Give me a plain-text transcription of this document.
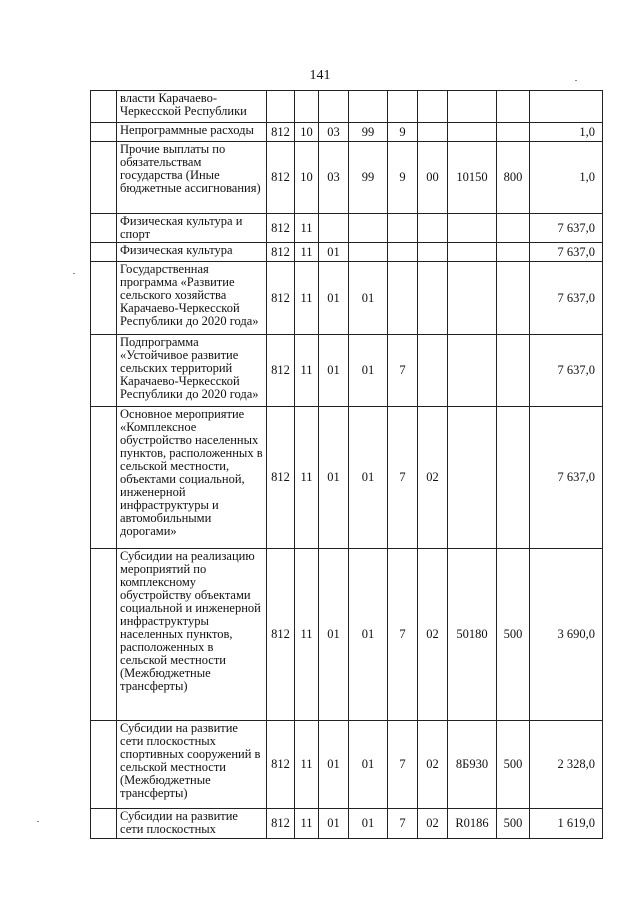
141
	власти Карачаево-Черкесской Республики									
	Непрограммные расходы	812	10	03	99	9				1,0
	Прочие выплаты по обязательствам государства (Иные бюджетные ассигнования)	812	10	03	99	9	00	10150	800	1,0
	Физическая культура и спорт	812	11							7 637,0
	Физическая культура	812	11	01						7 637,0
	Государственная программа «Развитие сельского хозяйства Карачаево-Черкесской Республики до 2020 года»	812	11	01	01					7 637,0
	Подпрограмма «Устойчивое развитие сельских территорий Карачаево-Черкесской Республики до 2020 года»	812	11	01	01	7				7 637,0
	Основное мероприятие «Комплексное обустройство населенных пунктов, расположенных в сельской местности, объектами социальной, инженерной инфраструктуры и автомобильными дорогами»	812	11	01	01	7	02			7 637,0
	Субсидии на реализацию мероприятий по комплексному обустройству объектами социальной и инженерной инфраструктуры населенных пунктов, расположенных в сельской местности (Межбюджетные трансферты)	812	11	01	01	7	02	50180	500	3 690,0
	Субсидии на развитие сети плоскостных спортивных сооружений в сельской местности (Межбюджетные трансферты)	812	11	01	01	7	02	8Б930	500	2 328,0
	Субсидии на развитие сети плоскостных	812	11	01	01	7	02	R0186	500	1 619,0
